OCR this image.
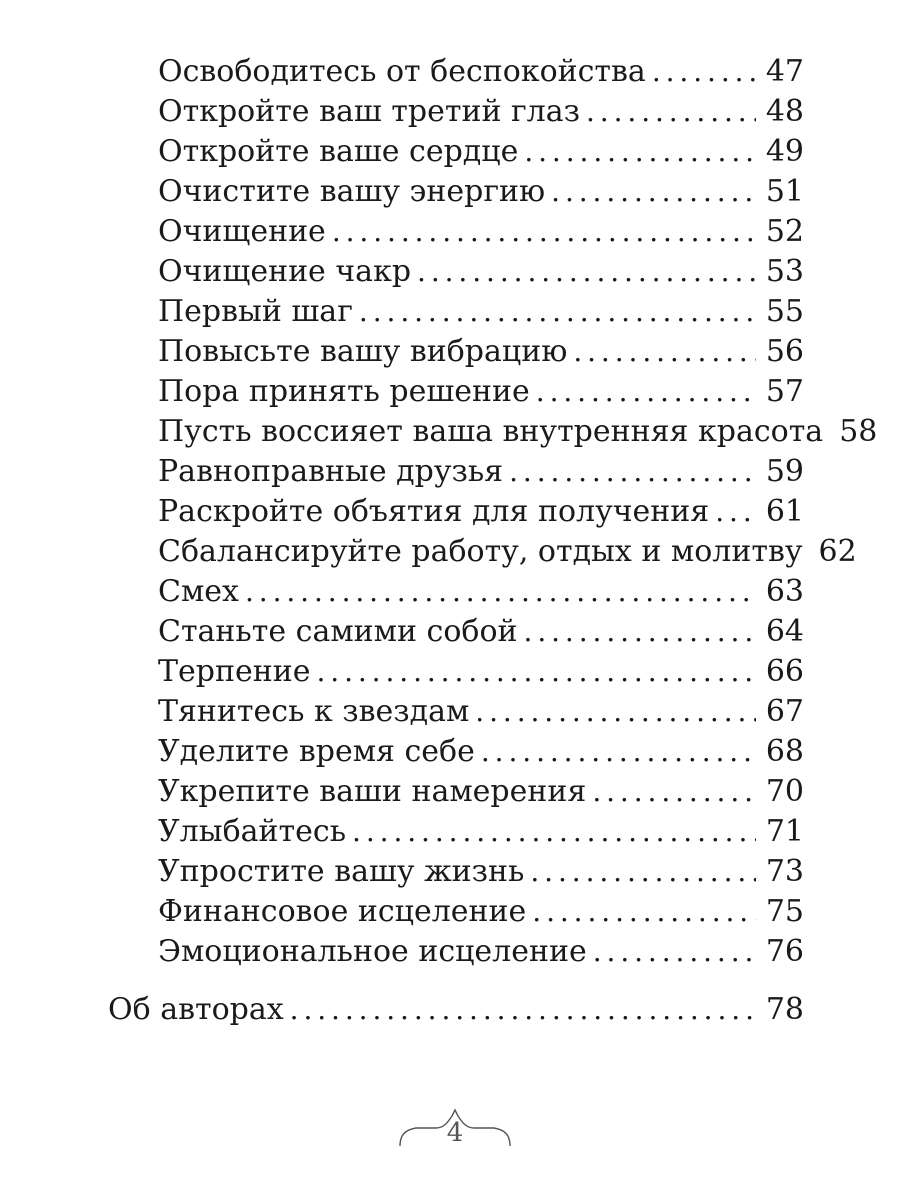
Освободитесь от беспокойства . . .	47
Откройте ваш третий глаз . . .	48
Откройте ваше сердце . . .	49
Очистите вашу энергию . . .	51
Очищение . . .	52
Очищение чакр . . .	53
Первый шаг . . .	55
Повысьте вашу вибрацию . . .	56
Пора принять решение . . .	57
Пусть воссияет ваша внутренняя красота 58
Равноправные друзья . . .	59
Раскройте объятия для получения . . . 61
Сбалансируйте работу, отдых и молитву 62
Смех . . .	63
Станьте самими собой . . .	64
Терпение . . .	66
Тянитесь к звездам . . .	67
Уделите время себе . . .	68
Укрепите ваши намерения . . .	70
Улыбайтесь . . .	71
Упростите вашу жизнь . . .	73
Финансовое исцеление . . .	75
Эмоциональное исцеление . . .	76
Об авторах . . .	78
4
